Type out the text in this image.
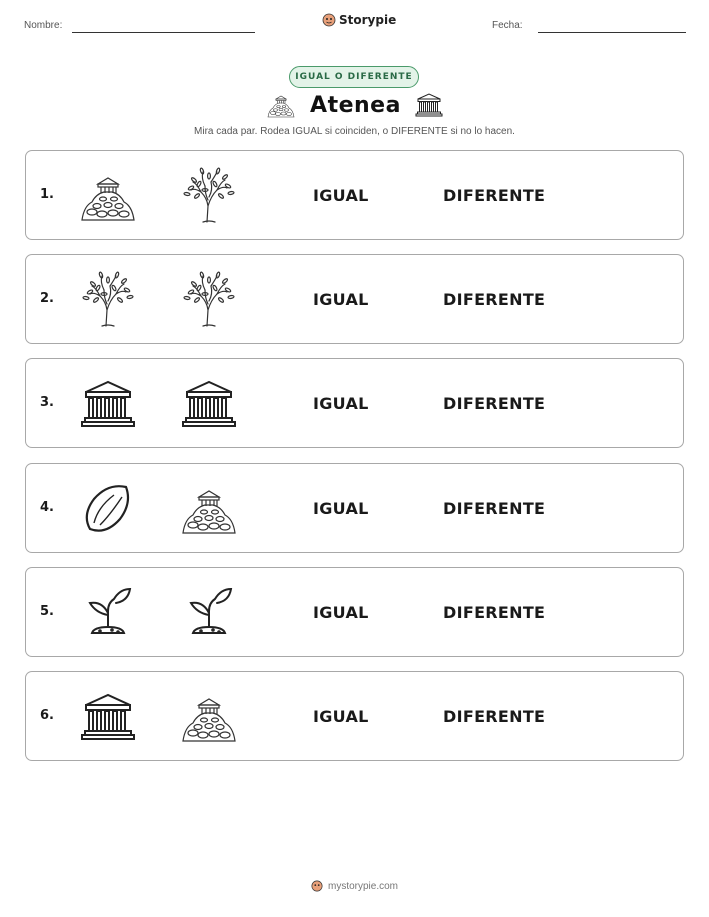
Nombre:	Storypie	Fecha:
IGUAL O DIFERENTE
Atenea
Mira cada par. Rodea IGUAL si coinciden, o DIFERENTE si no lo hacen.
1.	IGUAL	DIFERENTE
2.	IGUAL	DIFERENTE
3.	IGUAL	DIFERENTE
4.	IGUAL	DIFERENTE
5.	IGUAL	DIFERENTE
6.	IGUAL	DIFERENTE
mystorypie.com
